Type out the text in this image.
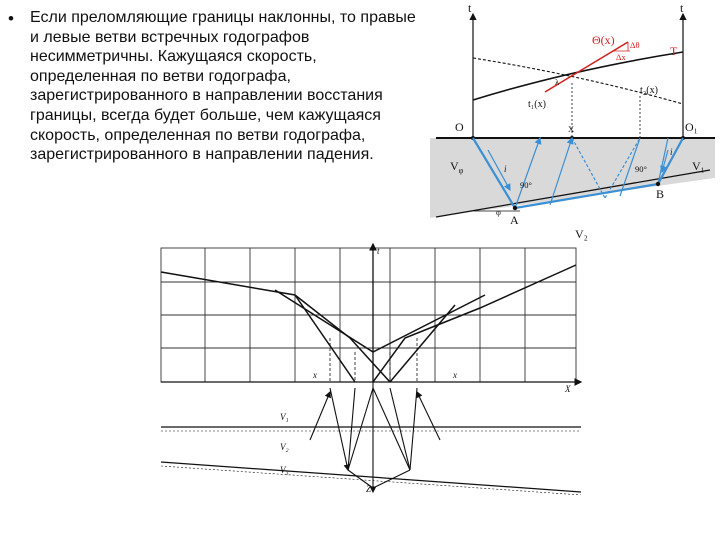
•	Если преломляющие границы наклонны, то правые и левые ветви встречных годографов несимметричны. Кажущаяся скорость, определенная по ветви годографа, зарегистрированного в направлении восстания границы, всегда будет больше, чем кажущаяся скорость, определенная по ветви годографа, зарегистрированного в направлении падения.
t	t
Θ(x) Δθ
Δx	T
λ
t₁(x)
t₂(x)
O	X	O₁
A
B
i
i
90°
90°
$V_\varphi$	V₁
V₂
φ
t
X
x	x
Z
V₁
V₂
V₃
